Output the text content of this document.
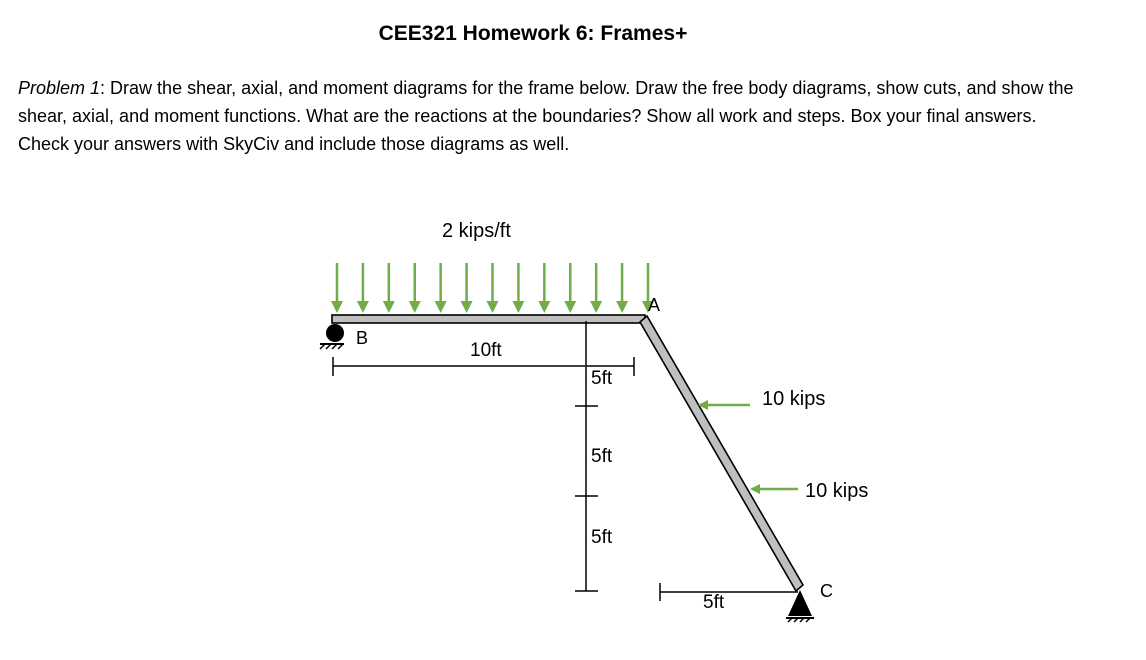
CEE321 Homework 6: Frames+
Problem 1: Draw the shear, axial, and moment diagrams for the frame below. Draw the free body diagrams, show cuts, and show the shear, axial, and moment functions. What are the reactions at the boundaries? Show all work and steps. Box your final answers. Check your answers with SkyCiv and include those diagrams as well.
2 kips/ft
A
B
C
10 kips
10 kips
10ft
5ft
5ft
5ft
5ft
